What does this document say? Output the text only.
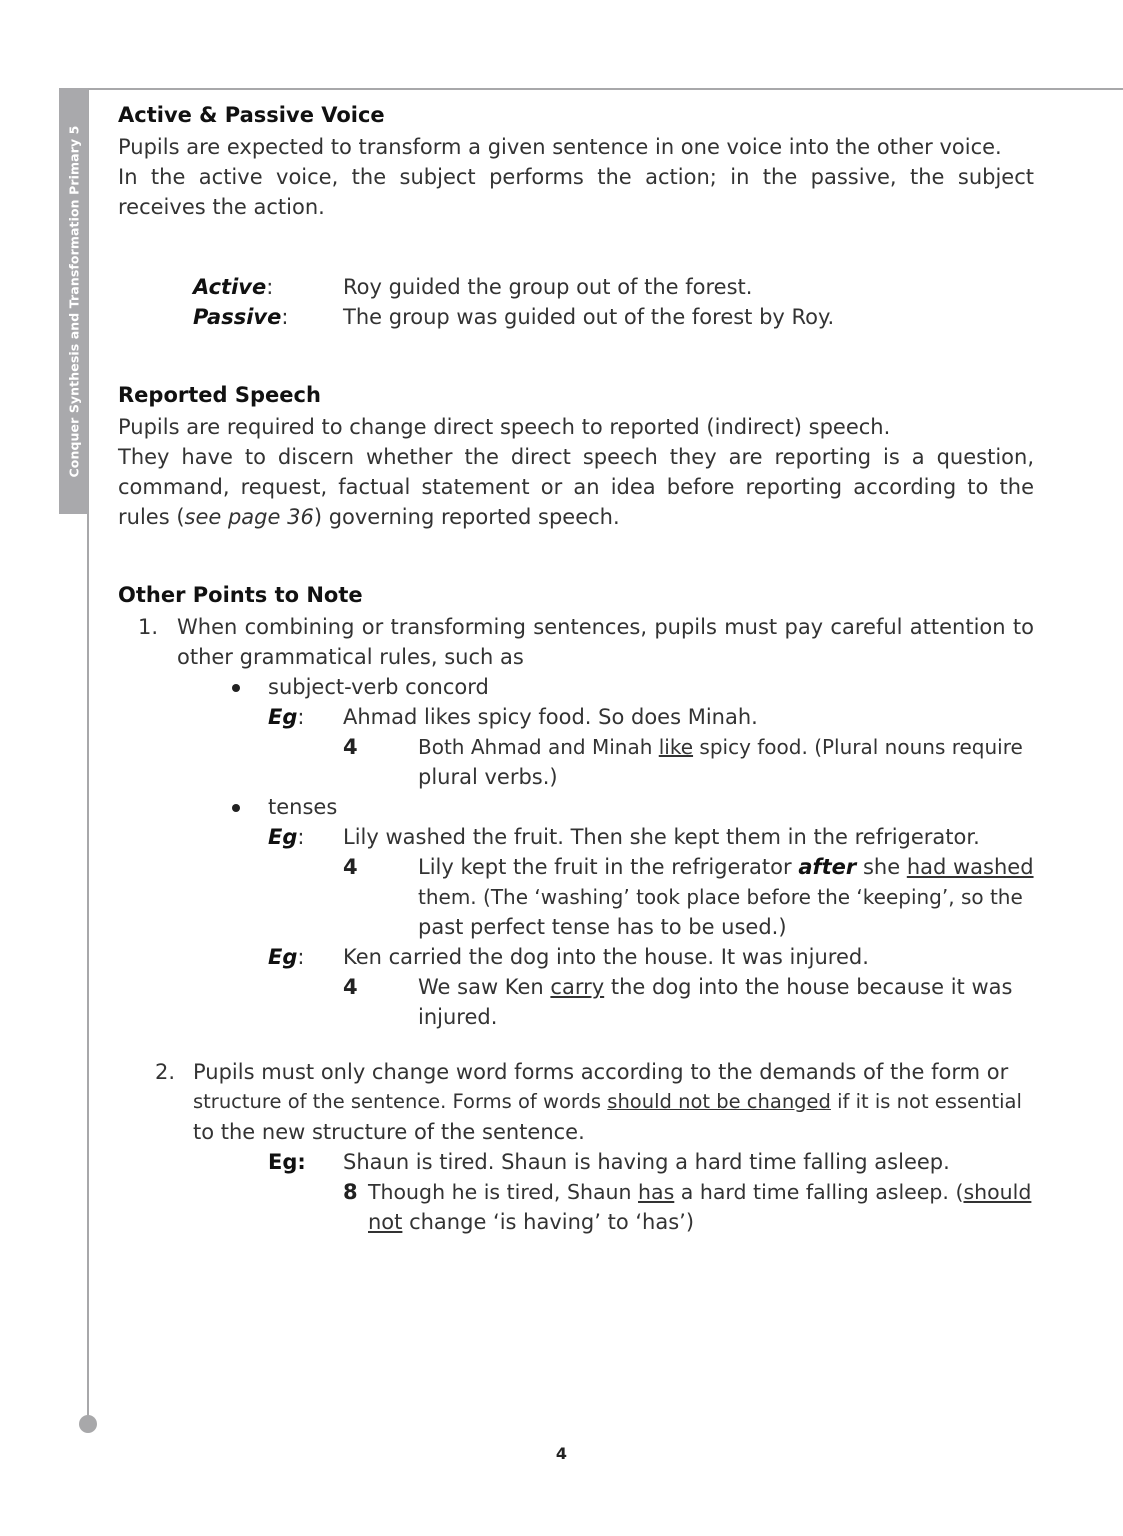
Conquer Synthesis and Transformation Primary 5
Active & Passive Voice
Pupils are expected to transform a given sentence in one voice into the other voice.

In the active voice, the subject performs the action; in the passive, the subject receives the action.

Active:	Roy guided the group out of the forest.
Passive:	The group was guided out of the forest by Roy.
Reported Speech
Pupils are required to change direct speech to reported (indirect) speech.

They have to discern whether the direct speech they are reporting is a question, command, request, factual statement or an idea before reporting according to the rules (see page 36) governing reported speech.

Other Points to Note
1. When combining or transforming sentences, pupils must pay careful attention to other grammatical rules, such as

subject-verb concord
Eg: Ahmad likes spicy food. So does Minah.
4	Both Ahmad and Minah like spicy food. (Plural nouns require
plural verbs.)
tenses
Eg: Lily washed the fruit. Then she kept them in the refrigerator.
4	Lily kept the fruit in the refrigerator after she had washed
them. (The ‘washing’ took place before the ‘keeping’, so the
past perfect tense has to be used.)
Eg: Ken carried the dog into the house. It was injured.
4	We saw Ken carry the dog into the house because it was
injured.
2. Pupils must only change word forms according to the demands of the form or
structure of the sentence. Forms of words should not be changed if it is not essential
to the new structure of the sentence.
Eg: Shaun is tired. Shaun is having a hard time falling asleep.
8 Though he is tired, Shaun has a hard time falling asleep. (should
not change ‘is having’ to ‘has’)
4
